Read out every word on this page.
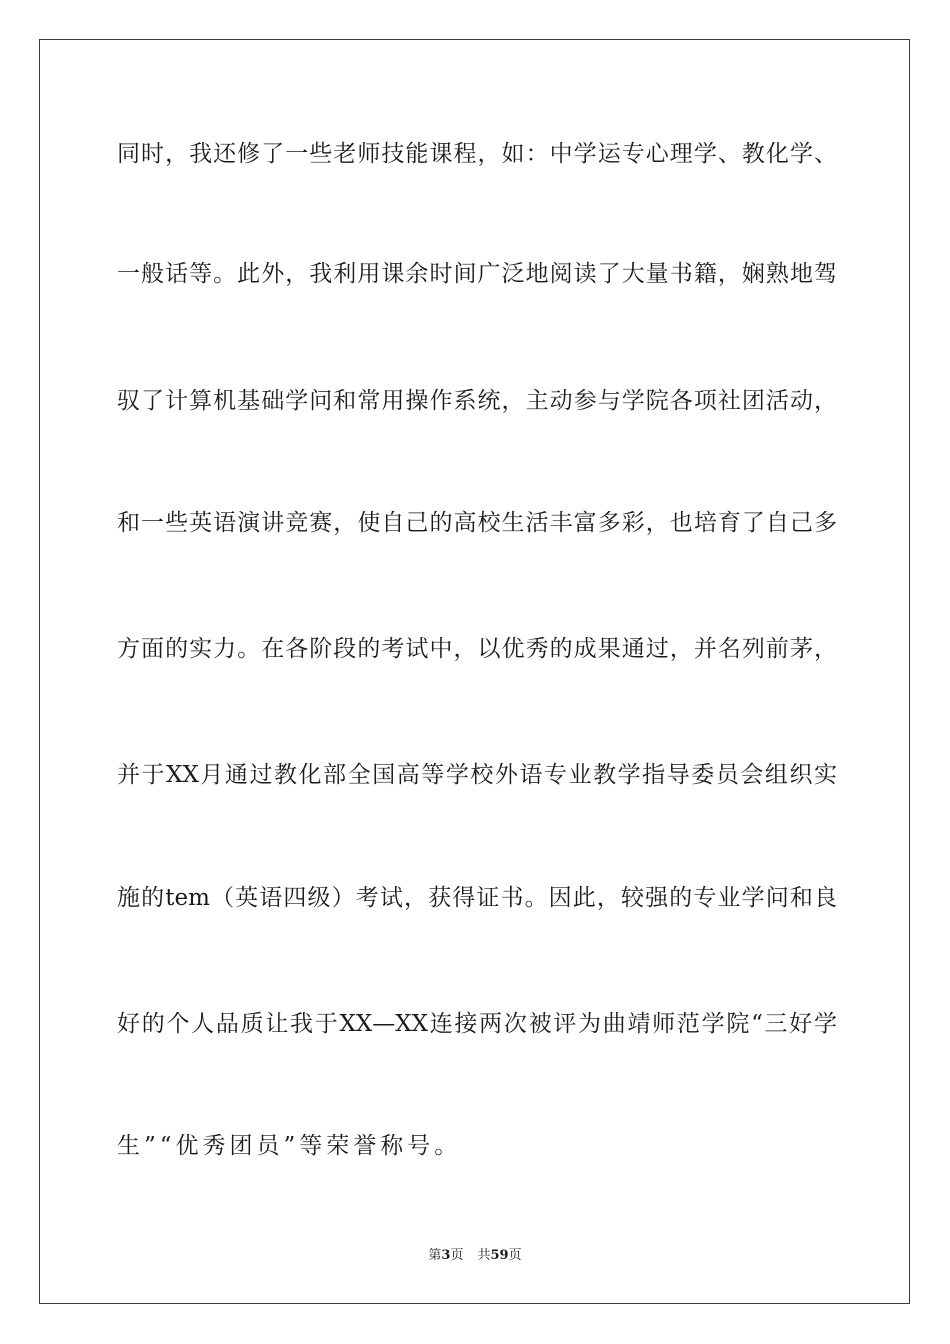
同时，我还修了一些老师技能课程，如：中学运专心理学、教化学、
一般话等。此外，我利用课余时间广泛地阅读了大量书籍，娴熟地驾
驭了计算机基础学问和常用操作系统，主动参与学院各项社团活动，
和一些英语演讲竞赛，使自己的高校生活丰富多彩，也培育了自己多
方面的实力。在各阶段的考试中，以优秀的成果通过，并名列前茅，
并于XX月通过教化部全国高等学校外语专业教学指导委员会组织实
施的tem（英语四级）考试，获得证书。因此，较强的专业学问和良
好的个人品质让我于XX—XX连接两次被评为曲靖师范学院“三好学
生”“优秀团员”等荣誉称号。
第3页 共59页
